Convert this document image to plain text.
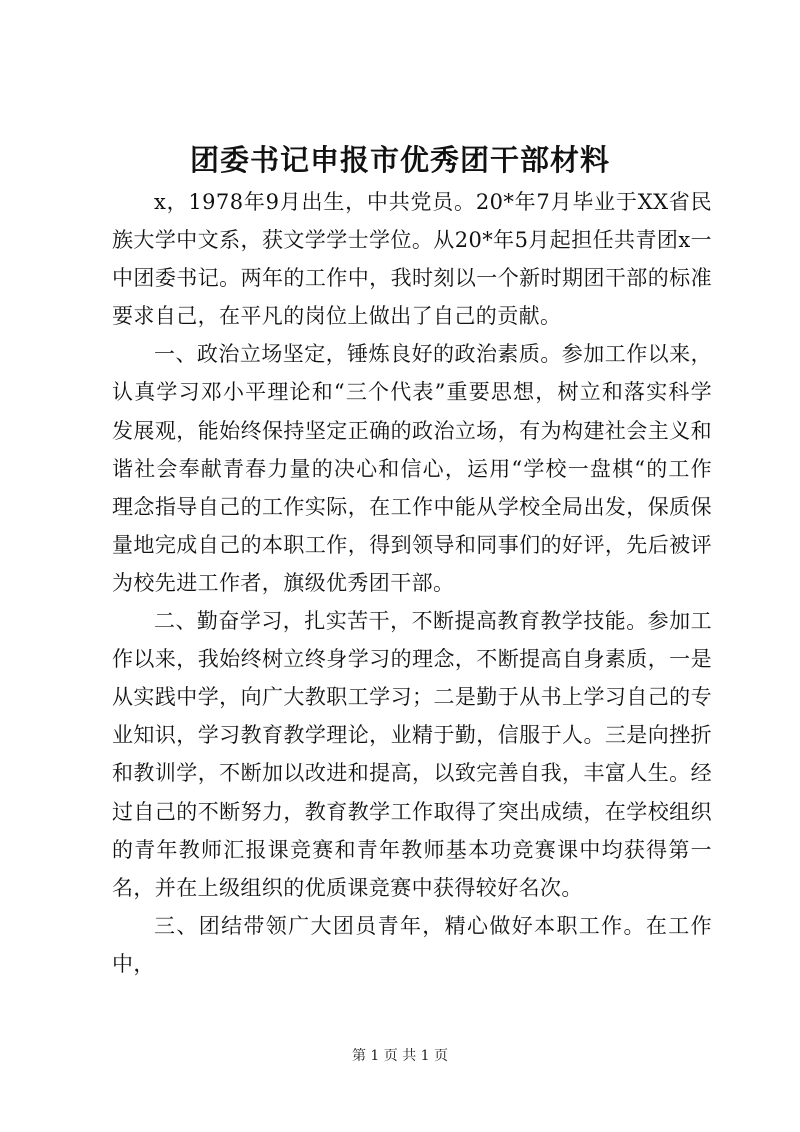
团委书记申报市优秀团干部材料

x，1978年9月出生，中共党员。20*年7月毕业于XX省民族大学中文系，获文学学士学位。从20*年5月起担任共青团x一中团委书记。两年的工作中，我时刻以一个新时期团干部的标准要求自己，在平凡的岗位上做出了自己的贡献。

一、政治立场坚定，锤炼良好的政治素质。参加工作以来，认真学习邓小平理论和“三个代表”重要思想，树立和落实科学发展观，能始终保持坚定正确的政治立场，有为构建社会主义和谐社会奉献青春力量的决心和信心，运用“学校一盘棋“的工作理念指导自己的工作实际，在工作中能从学校全局出发，保质保量地完成自己的本职工作，得到领导和同事们的好评，先后被评为校先进工作者，旗级优秀团干部。

二、勤奋学习，扎实苦干，不断提高教育教学技能。参加工作以来，我始终树立终身学习的理念，不断提高自身素质，一是从实践中学，向广大教职工学习；二是勤于从书上学习自己的专业知识，学习教育教学理论，业精于勤，信服于人。三是向挫折和教训学，不断加以改进和提高，以致完善自我，丰富人生。经过自己的不断努力，教育教学工作取得了突出成绩，在学校组织的青年教师汇报课竞赛和青年教师基本功竞赛课中均获得第一名，并在上级组织的优质课竞赛中获得较好名次。

三、团结带领广大团员青年，精心做好本职工作。在工作中，

第 1 页 共 1 页
